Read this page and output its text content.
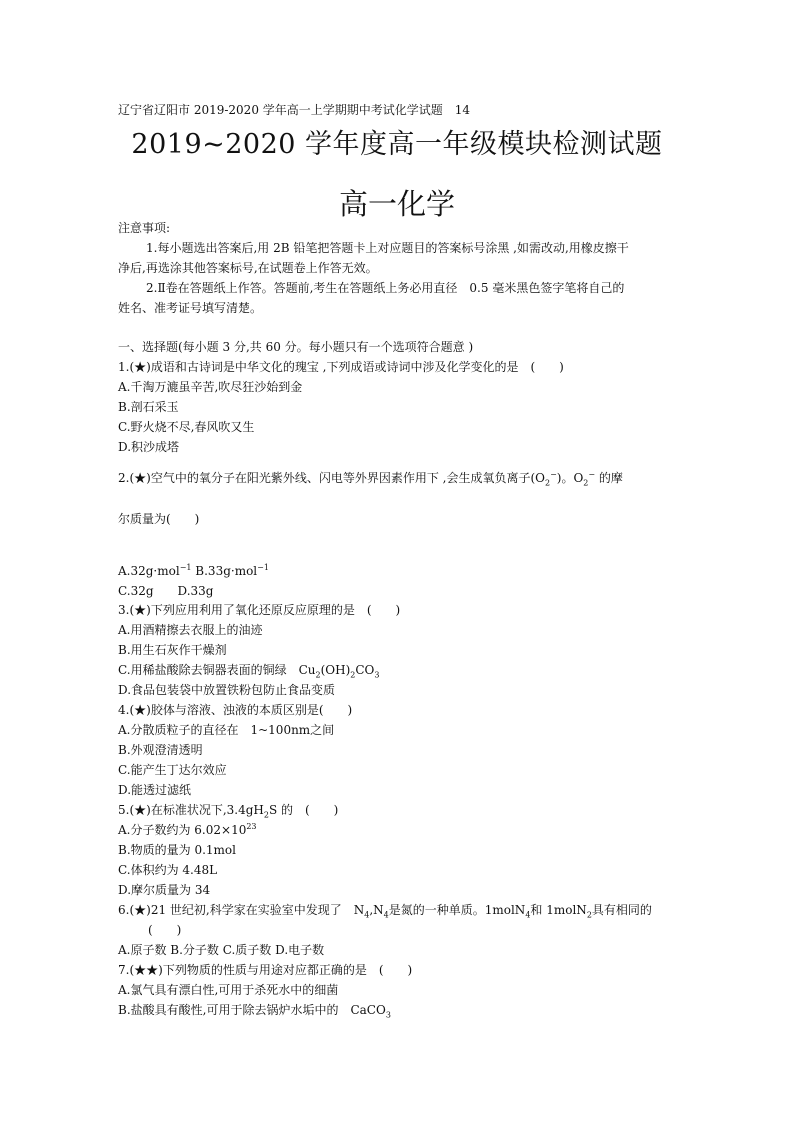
辽宁省辽阳市 2019-2020 学年高一上学期期中考试化学试题　14
2019~2020 学年度高一年级模块检测试题
高一化学
注意事项:
1.每小题选出答案后,用 2B 铅笔把答题卡上对应题目的答案标号涂黑 ,如需改动,用橡皮擦干
净后,再选涂其他答案标号,在试题卷上作答无效。
2.Ⅱ卷在答题纸上作答。答题前,考生在答题纸上务必用直径　0.5 毫米黑色签字笔将自己的
姓名、准考证号填写清楚。
一、选择题(每小题 3 分,共 60 分。每小题只有一个选项符合题意 )
1.(★)成语和古诗词是中华文化的瑰宝 ,下列成语或诗词中涉及化学变化的是　(　　)
A.千淘万漉虽辛苦,吹尽狂沙始到金
B.剖石采玉
C.野火烧不尽,春风吹又生
D.积沙成塔
2.(★)空气中的氧分子在阳光紫外线、闪电等外界因素作用下 ,会生成氧负离子$(O_2^-)$。$O_2^-$ 的摩
尔质量为(　　)
A.32g·mol$^{-1}$ B.33g·mol$^{-1}$
C.32g　　D.33g
3.(★)下列应用利用了氧化还原反应原理的是　(　　)
A.用酒精擦去衣服上的油迹
B.用生石灰作干燥剂
C.用稀盐酸除去铜器表面的铜绿　$Cu_2(OH)_2CO_3$
D.食品包装袋中放置铁粉包防止食品变质
4.(★)胶体与溶液、浊液的本质区别是(　　)
A.分散质粒子的直径在　1~100nm之间
B.外观澄清透明
C.能产生丁达尔效应
D.能透过滤纸
5.(★)在标准状况下$,3.4gH_2S$ 的　(　　)
A.分子数约为 $6.02\times 10^{23}$
B.物质的量为 0.1mol
C.体积约为 4.48L
D.摩尔质量为 34
6.(★)21 世纪初,科学家在实验室中发现了　$N_4,N_4$是氮的一种单质。1molN$_4$和 1molN$_2$具有相同的
(　　)
A.原子数 B.分子数 C.质子数 D.电子数
7.(★★)下列物质的性质与用途对应都正确的是　(　　)
A.氯气具有漂白性,可用于杀死水中的细菌
B.盐酸具有酸性,可用于除去锅炉水垢中的　CaCO$_3$
